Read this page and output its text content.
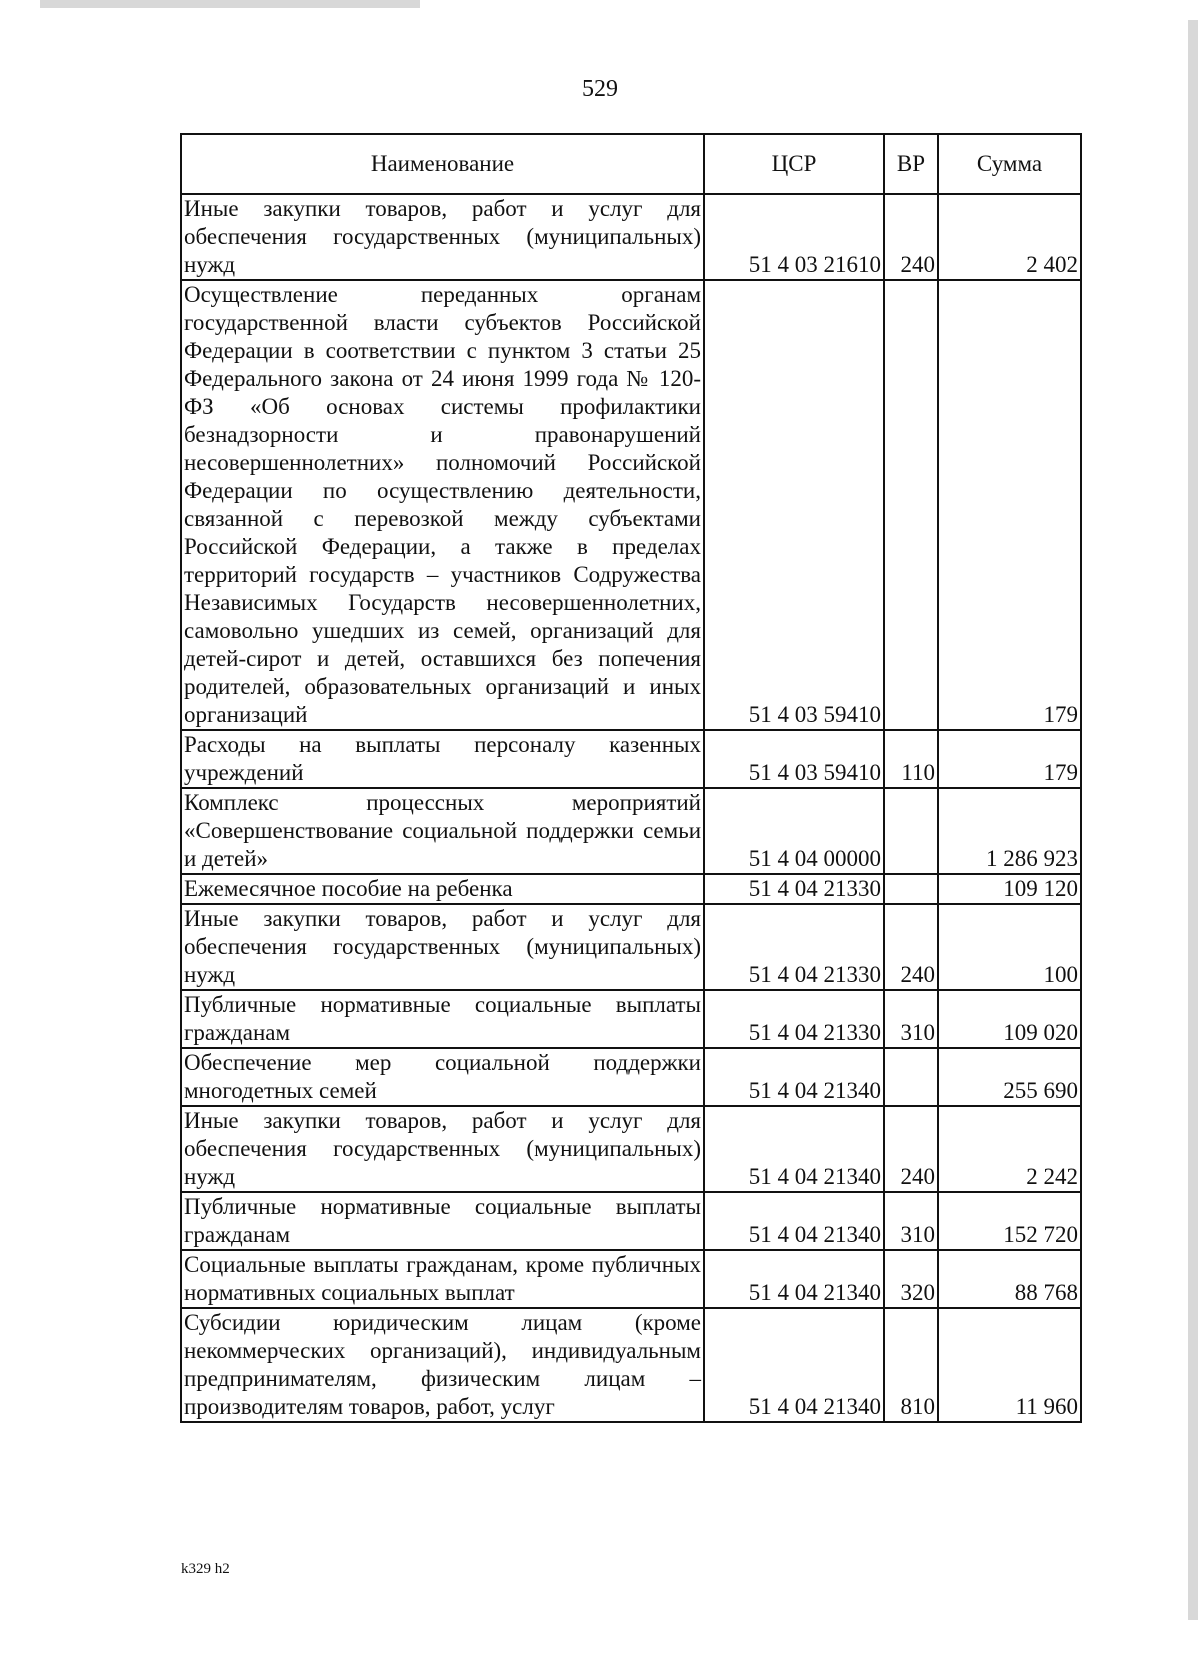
529
Наименование	ЦСР	ВР	Сумма
Иные закупки товаров, работ и услуг для обеспечения государственных (муниципальных) нужд	51 4 03 21610	240	2 402
Осуществление переданных органам государственной власти субъектов Российской Федерации в соответствии с пунктом 3 статьи 25 Федерального закона от 24 июня 1999 года № 120-ФЗ «Об основах системы профилактики безнадзорности и правонарушений несовершеннолетних» полномочий Российской Федерации по осуществлению деятельности, связанной с перевозкой между субъектами Российской Федерации, а также в пределах территорий государств – участников Содружества Независимых Государств несовершеннолетних, самовольно ушедших из семей, организаций для детей-сирот и детей, оставшихся без попечения родителей, образовательных организаций и иных организаций	51 4 03 59410		179
Расходы на выплаты персоналу казенных учреждений	51 4 03 59410	110	179
Комплекс процессных мероприятий «Совершенствование социальной поддержки семьи и детей»	51 4 04 00000		1 286 923
Ежемесячное пособие на ребенка	51 4 04 21330		109 120
Иные закупки товаров, работ и услуг для обеспечения государственных (муниципальных) нужд	51 4 04 21330	240	100
Публичные нормативные социальные выплаты гражданам	51 4 04 21330	310	109 020
Обеспечение мер социальной поддержки многодетных семей	51 4 04 21340		255 690
Иные закупки товаров, работ и услуг для обеспечения государственных (муниципальных) нужд	51 4 04 21340	240	2 242
Публичные нормативные социальные выплаты гражданам	51 4 04 21340	310	152 720
Социальные выплаты гражданам, кроме публичных нормативных социальных выплат	51 4 04 21340	320	88 768
Субсидии юридическим лицам (кроме некоммерческих организаций), индивидуальным предпринимателям, физическим лицам – производителям товаров, работ, услуг	51 4 04 21340	810	11 960
k329 h2
